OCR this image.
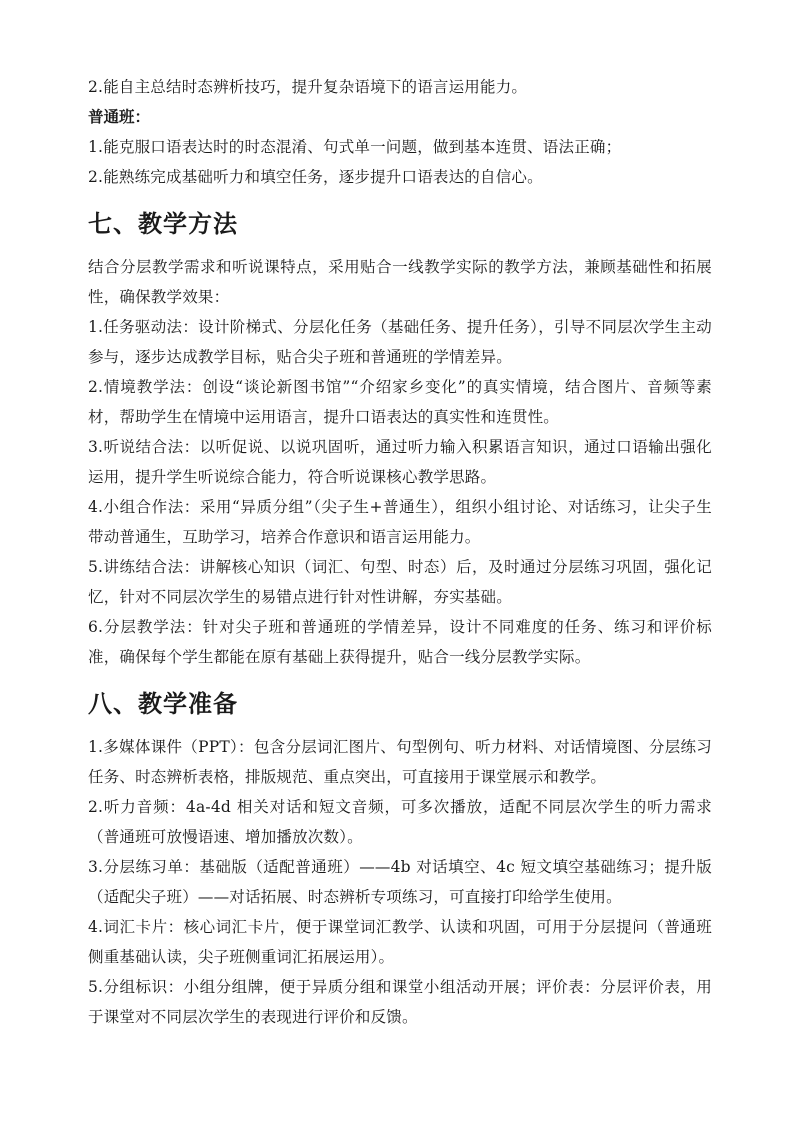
2.能自主总结时态辨析技巧，提升复杂语境下的语言运用能力。

普通班：

1.能克服口语表达时的时态混淆、句式单一问题，做到基本连贯、语法正确；

2.能熟练完成基础听力和填空任务，逐步提升口语表达的自信心。

七、教学方法

结合分层教学需求和听说课特点，采用贴合一线教学实际的教学方法，兼顾基础性和拓展性，确保教学效果：

1.任务驱动法：设计阶梯式、分层化任务（基础任务、提升任务），引导不同层次学生主动参与，逐步达成教学目标，贴合尖子班和普通班的学情差异。

2.情境教学法：创设“谈论新图书馆”“介绍家乡变化”的真实情境，结合图片、音频等素材，帮助学生在情境中运用语言，提升口语表达的真实性和连贯性。

3.听说结合法：以听促说、以说巩固听，通过听力输入积累语言知识，通过口语输出强化运用，提升学生听说综合能力，符合听说课核心教学思路。

4.小组合作法：采用“异质分组”（尖子生+普通生），组织小组讨论、对话练习，让尖子生带动普通生，互助学习，培养合作意识和语言运用能力。

5.讲练结合法：讲解核心知识（词汇、句型、时态）后，及时通过分层练习巩固，强化记忆，针对不同层次学生的易错点进行针对性讲解，夯实基础。

6.分层教学法：针对尖子班和普通班的学情差异，设计不同难度的任务、练习和评价标准，确保每个学生都能在原有基础上获得提升，贴合一线分层教学实际。

八、教学准备

1.多媒体课件（PPT）：包含分层词汇图片、句型例句、听力材料、对话情境图、分层练习任务、时态辨析表格，排版规范、重点突出，可直接用于课堂展示和教学。

2.听力音频：4a-4d 相关对话和短文音频，可多次播放，适配不同层次学生的听力需求（普通班可放慢语速、增加播放次数）。

3.分层练习单：基础版（适配普通班）——4b 对话填空、4c 短文填空基础练习；提升版（适配尖子班）——对话拓展、时态辨析专项练习，可直接打印给学生使用。

4.词汇卡片：核心词汇卡片，便于课堂词汇教学、认读和巩固，可用于分层提问（普通班侧重基础认读，尖子班侧重词汇拓展运用）。

5.分组标识：小组分组牌，便于异质分组和课堂小组活动开展；评价表：分层评价表，用于课堂对不同层次学生的表现进行评价和反馈。
